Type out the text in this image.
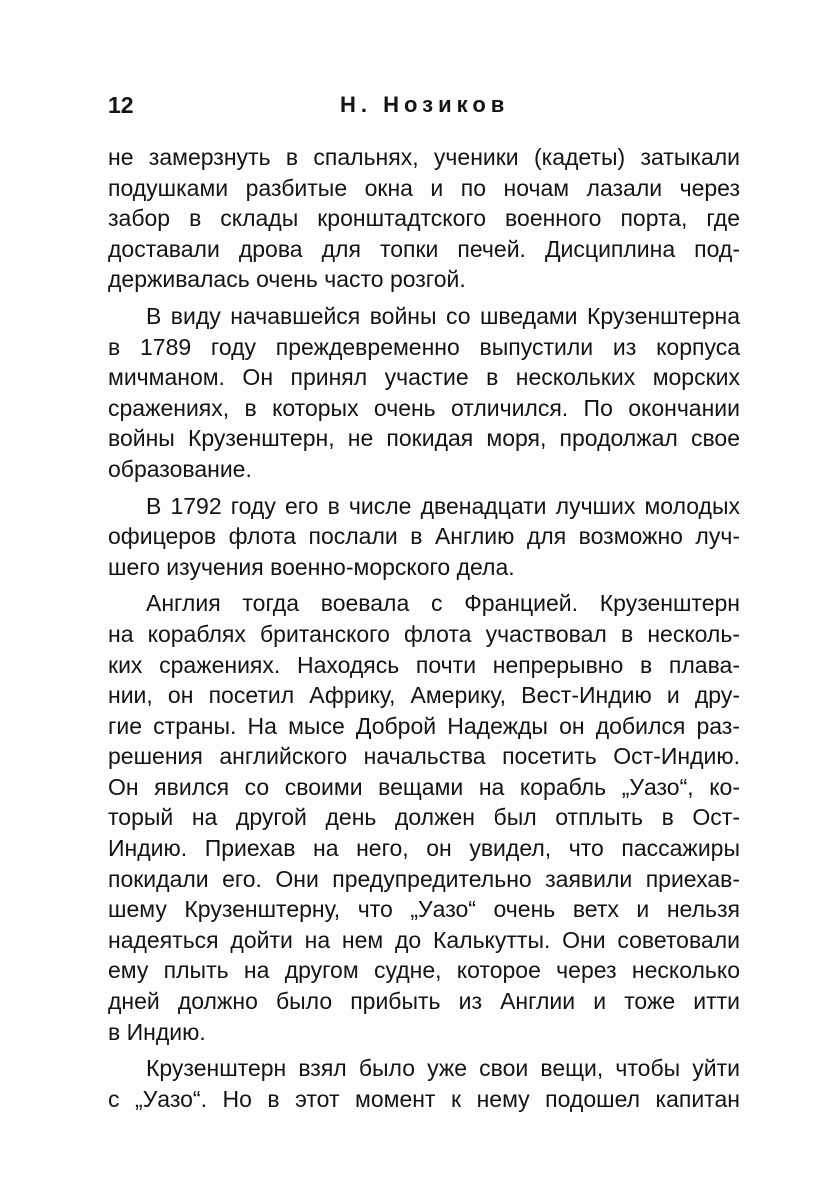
12	Н. Нозиков
не замерзнуть в спальнях, ученики (кадеты) затыкали
подушками разбитые окна и по ночам лазали через
забор в склады кронштадтского военного порта, где
доставали дрова для топки печей. Дисциплина под-
держивалась очень часто розгой.
В виду начавшейся войны со шведами Крузенштерна
в 1789 году преждевременно выпустили из корпуса
мичманом. Он принял участие в нескольких морских
сражениях, в которых очень отличился. По окончании
войны Крузенштерн, не покидая моря, продолжал свое
образование.
В 1792 году его в числе двенадцати лучших молодых
офицеров флота послали в Англию для возможно луч-
шего изучения военно-морского дела.
Англия тогда воевала с Францией. Крузенштерн
на кораблях британского флота участвовал в несколь-
ких сражениях. Находясь почти непрерывно в плава-
нии, он посетил Африку, Америку, Вест-Индию и дру-
гие страны. На мысе Доброй Надежды он добился раз-
решения английского начальства посетить Ост-Индию.
Он явился со своими вещами на корабль „Уазо“, ко-
торый на другой день должен был отплыть в Ост-
Индию. Приехав на него, он увидел, что пассажиры
покидали его. Они предупредительно заявили приехав-
шему Крузенштерну, что „Уазо“ очень ветх и нельзя
надеяться дойти на нем до Калькутты. Они советовали
ему плыть на другом судне, которое через несколько
дней должно было прибыть из Англии и тоже итти
в Индию.
Крузенштерн взял было уже свои вещи, чтобы уйти
с „Уазо“. Но в этот момент к нему подошел капитан
